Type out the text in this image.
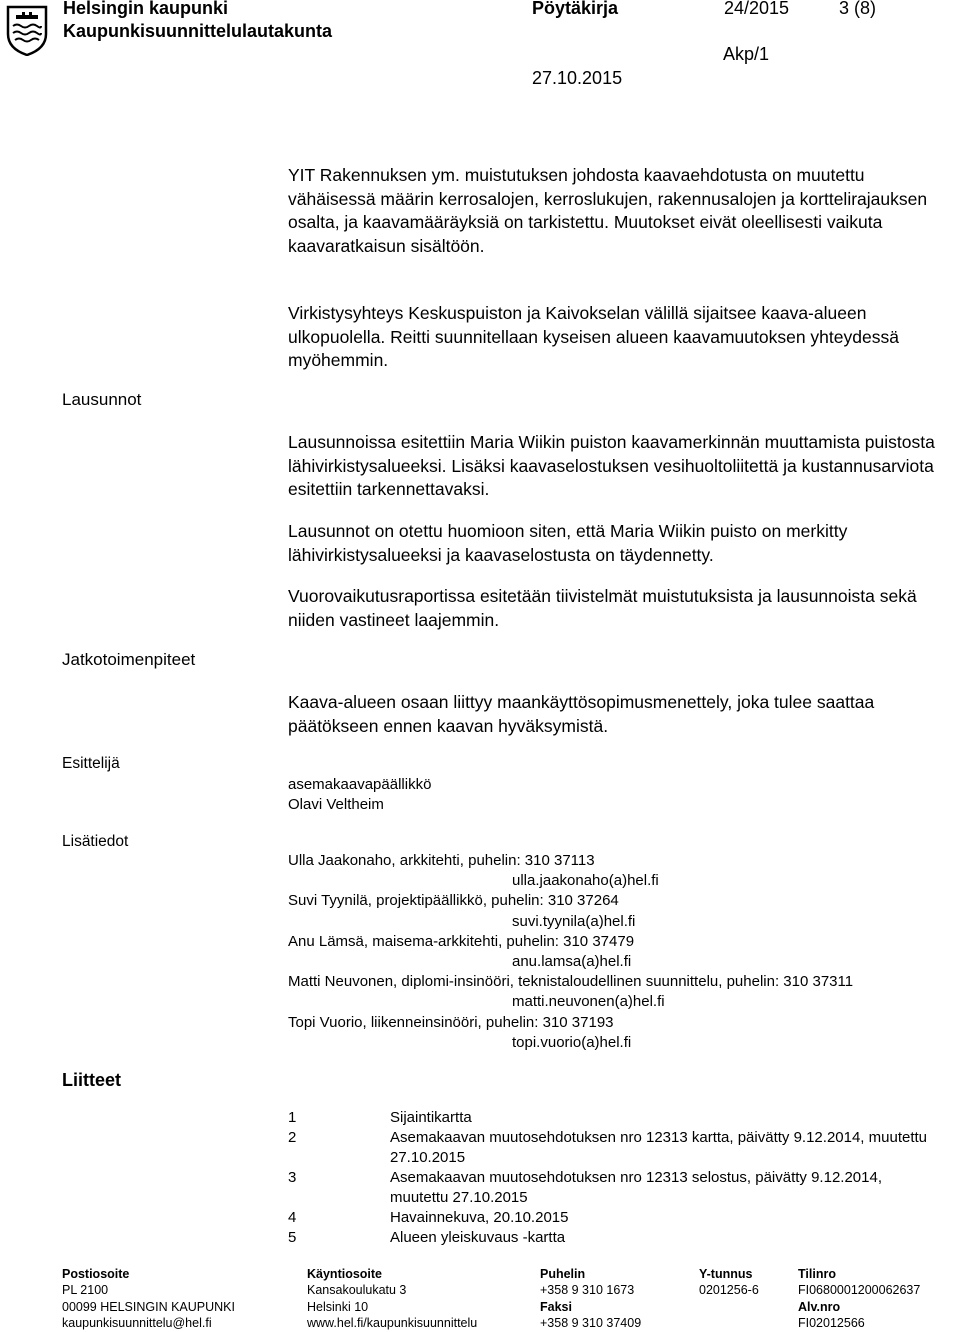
Helsingin kaupunki
Kaupunkisuunnittelulautakunta
Pöytäkirja	24/2015	3 (8)
Akp/1
27.10.2015

YIT Rakennuksen ym. muistutuksen johdosta kaavaehdotusta on muutettu vähäisessä määrin kerrosalojen, kerroslukujen, rakennusalojen ja korttelirajauksen osalta, ja kaavamääräyksiä on tarkistettu. Muutokset eivät oleellisesti vaikuta kaavaratkaisun sisältöön.

Virkistysyhteys Keskuspuiston ja Kaivokselan välillä sijaitsee kaava-alueen ulkopuolella. Reitti suunnitellaan kyseisen alueen kaavamuutoksen yhteydessä myöhemmin.

Lausunnot

Lausunnoissa esitettiin Maria Wiikin puiston kaavamerkinnän muuttamista puistosta lähivirkistysalueeksi. Lisäksi kaavaselostuksen vesihuoltoliitettä ja kustannusarviota esitettiin tarkennettavaksi.

Lausunnot on otettu huomioon siten, että Maria Wiikin puisto on merkitty lähivirkistysalueeksi ja kaavaselostusta on täydennetty.

Vuorovaikutusraportissa esitetään tiivistelmät muistutuksista ja lausunnoista sekä niiden vastineet laajemmin.

Jatkotoimenpiteet

Kaava-alueen osaan liittyy maankäyttösopimusmenettely, joka tulee saattaa päätökseen ennen kaavan hyväksymistä.

Esittelijä
asemakaavapäällikkö
Olavi Veltheim
Lisätiedot
Ulla Jaakonaho, arkkitehti, puhelin: 310 37113
ulla.jaakonaho(a)hel.fi
Suvi Tyynilä, projektipäällikkö, puhelin: 310 37264
suvi.tyynila(a)hel.fi
Anu Lämsä, maisema-arkkitehti, puhelin: 310 37479
anu.lamsa(a)hel.fi
Matti Neuvonen, diplomi-insinööri, teknistaloudellinen suunnittelu, puhelin: 310 37311
matti.neuvonen(a)hel.fi
Topi Vuorio, liikenneinsinööri, puhelin: 310 37193
topi.vuorio(a)hel.fi
Liitteet
1	Sijaintikartta
2	Asemakaavan muutosehdotuksen nro 12313 kartta, päivätty 9.12.2014, muutettu 27.10.2015
3	Asemakaavan muutosehdotuksen nro 12313 selostus, päivätty 9.12.2014, muutettu 27.10.2015
4	Havainnekuva, 20.10.2015
5	Alueen yleiskuvaus -kartta
Postiosoite
PL 2100
00099 HELSINGIN KAUPUNKI
kaupunkisuunnittelu@hel.fi
Käyntiosoite
Kansakoulukatu 3
Helsinki 10
www.hel.fi/kaupunkisuunnittelu
Puhelin
+358 9 310 1673
Faksi
+358 9 310 37409
Y-tunnus
0201256-6
Tilinro
FI0680001200062637
Alv.nro
FI02012566
